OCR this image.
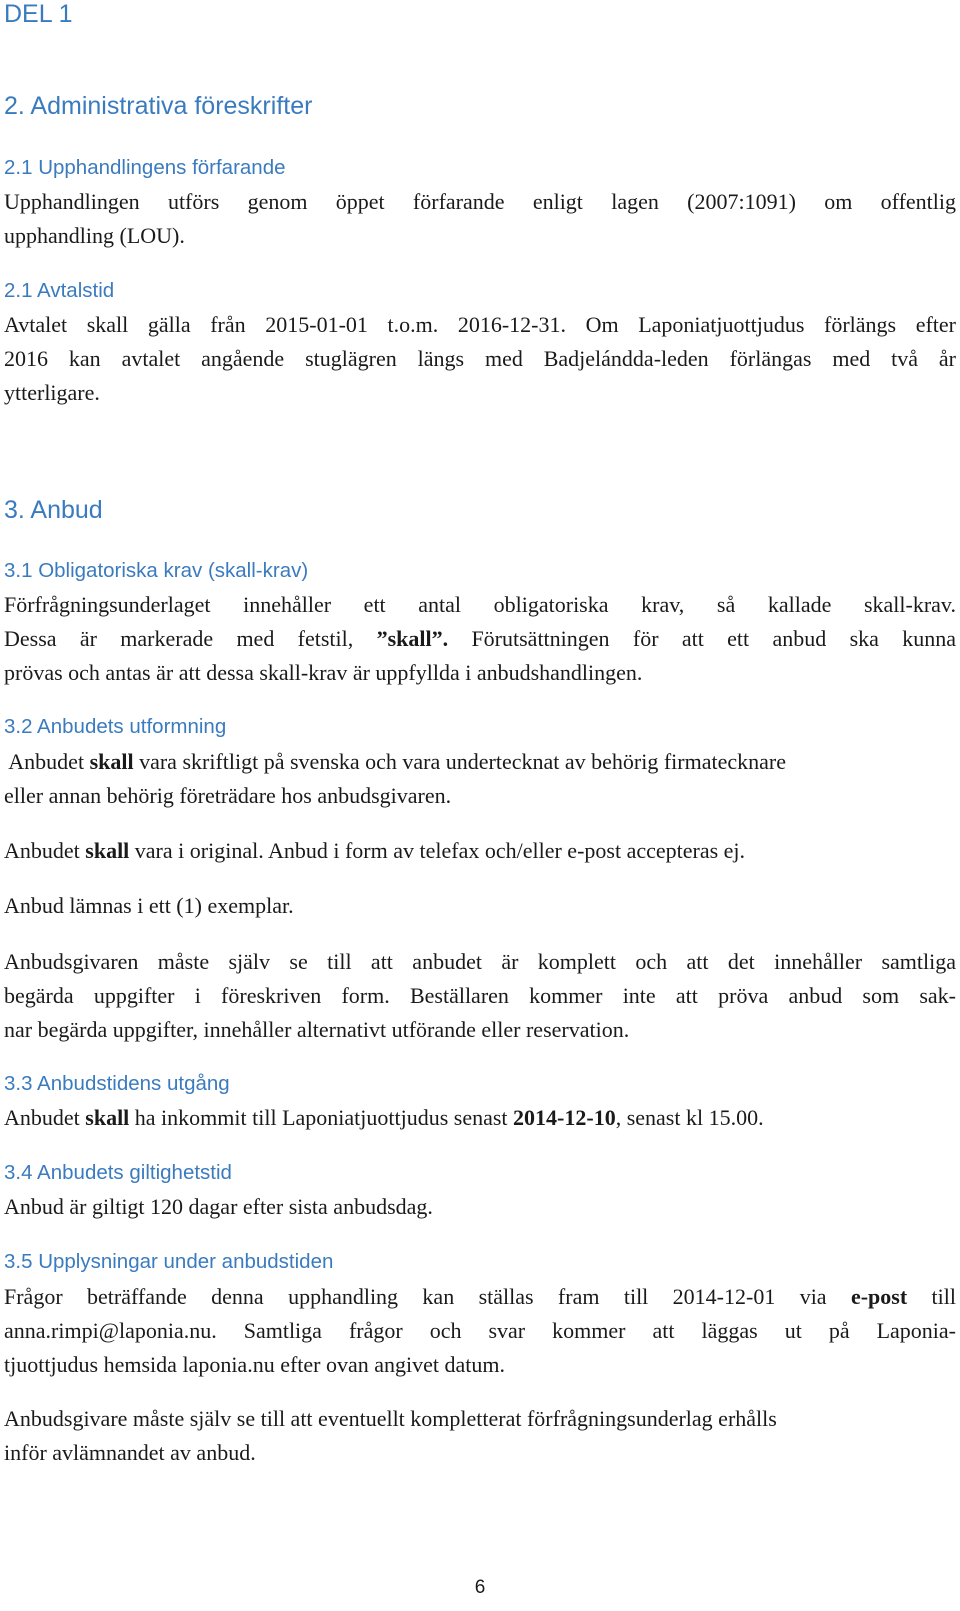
DEL 1
2. Administrativa föreskrifter
2.1 Upphandlingens förfarande

Upphandlingen utförs genom öppet förfarande enligt lagen (2007:1091) om offentlig
upphandling (LOU).

2.1 Avtalstid

Avtalet skall gälla från 2015-01-01 t.o.m. 2016-12-31. Om Laponiatjuottjudus förlängs efter
2016 kan avtalet angående stuglägren längs med Badjelándda-leden förlängas med två år
ytterligare.

3. Anbud
3.1 Obligatoriska krav (skall-krav)

Förfrågningsunderlaget innehåller ett antal obligatoriska krav, så kallade skall-krav.
Dessa är markerade med fetstil, ”skall”. Förutsättningen för att ett anbud ska kunna
prövas och antas är att dessa skall-krav är uppfyllda i anbudshandlingen.

3.2 Anbudets utformning

Anbudet skall vara skriftligt på svenska och vara undertecknat av behörig firmatecknare
eller annan behörig företrädare hos anbudsgivaren.

Anbudet skall vara i original. Anbud i form av telefax och/eller e-post accepteras ej.

Anbud lämnas i ett (1) exemplar.

Anbudsgivaren måste själv se till att anbudet är komplett och att det innehåller samtliga
begärda uppgifter i föreskriven form. Beställaren kommer inte att pröva anbud som sak-
nar begärda uppgifter, innehåller alternativt utförande eller reservation.

3.3 Anbudstidens utgång

Anbudet skall ha inkommit till Laponiatjuottjudus senast 2014-12-10, senast kl 15.00.

3.4 Anbudets giltighetstid

Anbud är giltigt 120 dagar efter sista anbudsdag.

3.5 Upplysningar under anbudstiden

Frågor beträffande denna upphandling kan ställas fram till 2014-12-01 via e-post till
anna.rimpi@laponia.nu. Samtliga frågor och svar kommer att läggas ut på Laponia-
tjuottjudus hemsida laponia.nu efter ovan angivet datum.

Anbudsgivare måste själv se till att eventuellt kompletterat förfrågningsunderlag erhålls
inför avlämnandet av anbud.

6
